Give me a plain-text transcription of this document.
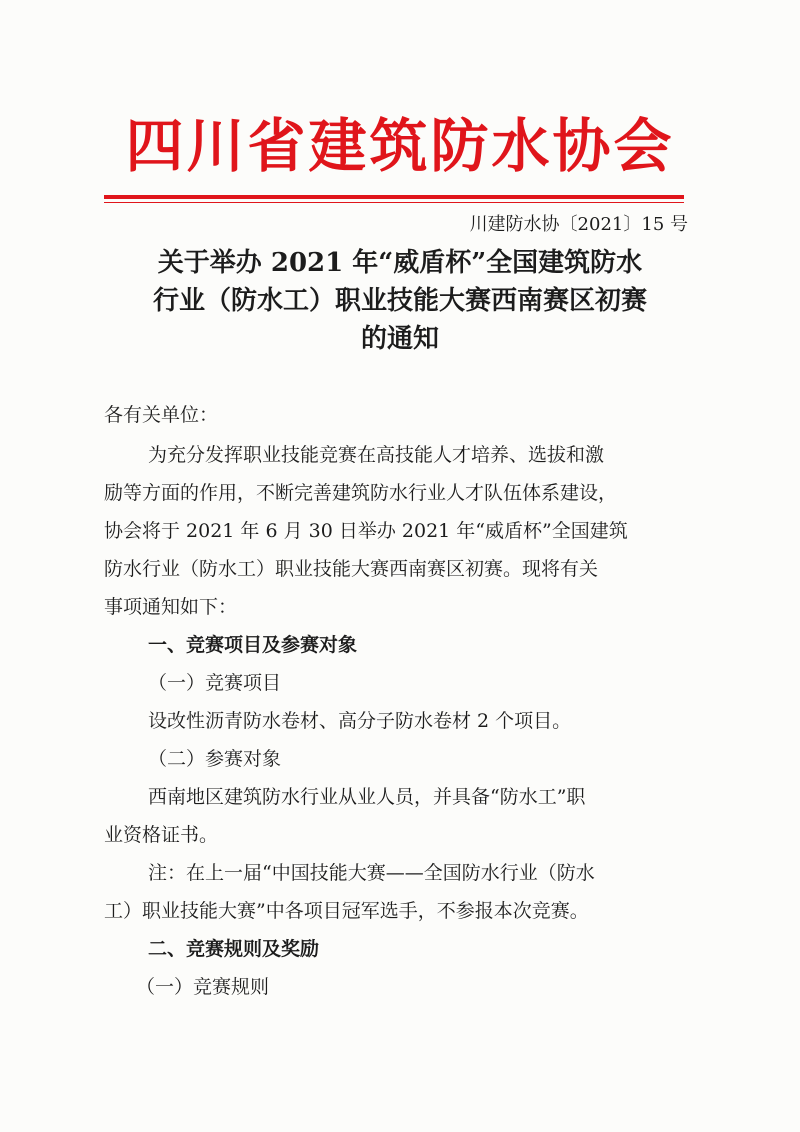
四川省建筑防水协会
川建防水协〔2021〕15 号
关于举办 2021 年“威盾杯”全国建筑防水
行业（防水工）职业技能大赛西南赛区初赛
的通知
各有关单位：
为充分发挥职业技能竞赛在高技能人才培养、选拔和激
励等方面的作用，不断完善建筑防水行业人才队伍体系建设，
协会将于 2021 年 6 月 30 日举办 2021 年“威盾杯”全国建筑
防水行业（防水工）职业技能大赛西南赛区初赛。现将有关
事项通知如下：
一、竞赛项目及参赛对象
（一）竞赛项目
设改性沥青防水卷材、高分子防水卷材 2 个项目。
（二）参赛对象
西南地区建筑防水行业从业人员，并具备“防水工”职
业资格证书。
注：在上一届“中国技能大赛——全国防水行业（防水
工）职业技能大赛”中各项目冠军选手，不参报本次竞赛。
二、竞赛规则及奖励
（一）竞赛规则
